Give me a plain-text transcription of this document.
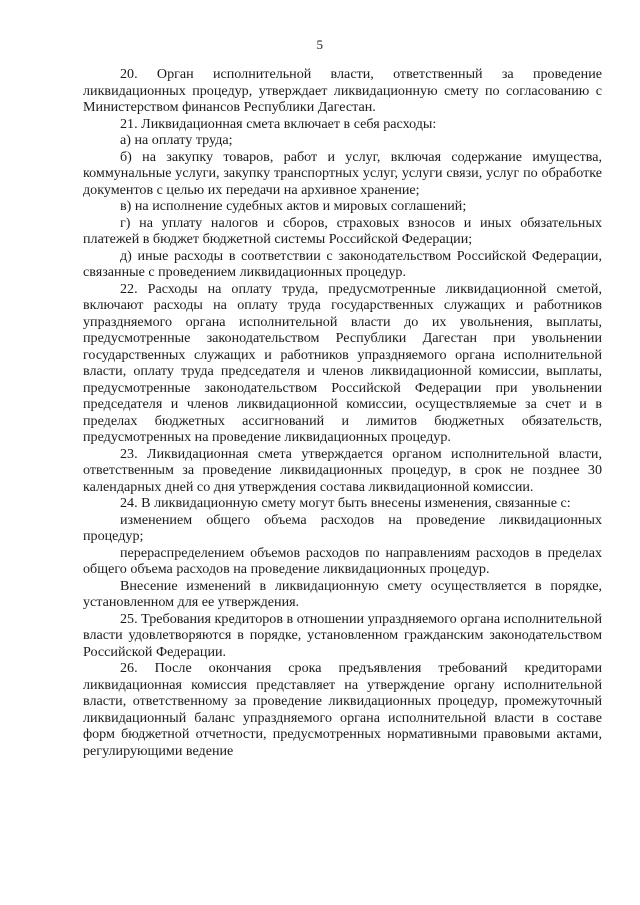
5

20. Орган исполнительной власти, ответственный за проведение ликвидационных процедур, утверждает ликвидационную смету по согласованию с Министерством финансов Республики Дагестан.

21. Ликвидационная смета включает в себя расходы:

а) на оплату труда;

б) на закупку товаров, работ и услуг, включая содержание имущества, коммунальные услуги, закупку транспортных услуг, услуги связи, услуг по обработке документов с целью их передачи на архивное хранение;

в) на исполнение судебных актов и мировых соглашений;

г) на уплату налогов и сборов, страховых взносов и иных обязательных платежей в бюджет бюджетной системы Российской Федерации;

д) иные расходы в соответствии с законодательством Российской Федерации, связанные с проведением ликвидационных процедур.

22. Расходы на оплату труда, предусмотренные ликвидационной сметой, включают расходы на оплату труда государственных служащих и работников упраздняемого органа исполнительной власти до их увольнения, выплаты, предусмотренные законодательством Республики Дагестан при увольнении государственных служащих и работников упраздняемого органа исполнительной власти, оплату труда председателя и членов ликвидационной комиссии, выплаты, предусмотренные законодательством Российской Федерации при увольнении председателя и членов ликвидационной комиссии, осуществляемые за счет и в пределах бюджетных ассигнований и лимитов бюджетных обязательств, предусмотренных на проведение ликвидационных процедур.

23. Ликвидационная смета утверждается органом исполнительной власти, ответственным за проведение ликвидационных процедур, в срок не позднее 30 календарных дней со дня утверждения состава ликвидационной комиссии.

24. В ликвидационную смету могут быть внесены изменения, связанные с:

изменением общего объема расходов на проведение ликвидационных процедур;

перераспределением объемов расходов по направлениям расходов в пределах общего объема расходов на проведение ликвидационных процедур.

Внесение изменений в ликвидационную смету осуществляется в порядке, установленном для ее утверждения.

25. Требования кредиторов в отношении упраздняемого органа исполнительной власти удовлетворяются в порядке, установленном гражданским законодательством Российской Федерации.

26. После окончания срока предъявления требований кредиторами ликвидационная комиссия представляет на утверждение органу исполнительной власти, ответственному за проведение ликвидационных процедур, промежуточный ликвидационный баланс упраздняемого органа исполнительной власти в составе форм бюджетной отчетности, предусмотренных нормативными правовыми актами, регулирующими ведение
